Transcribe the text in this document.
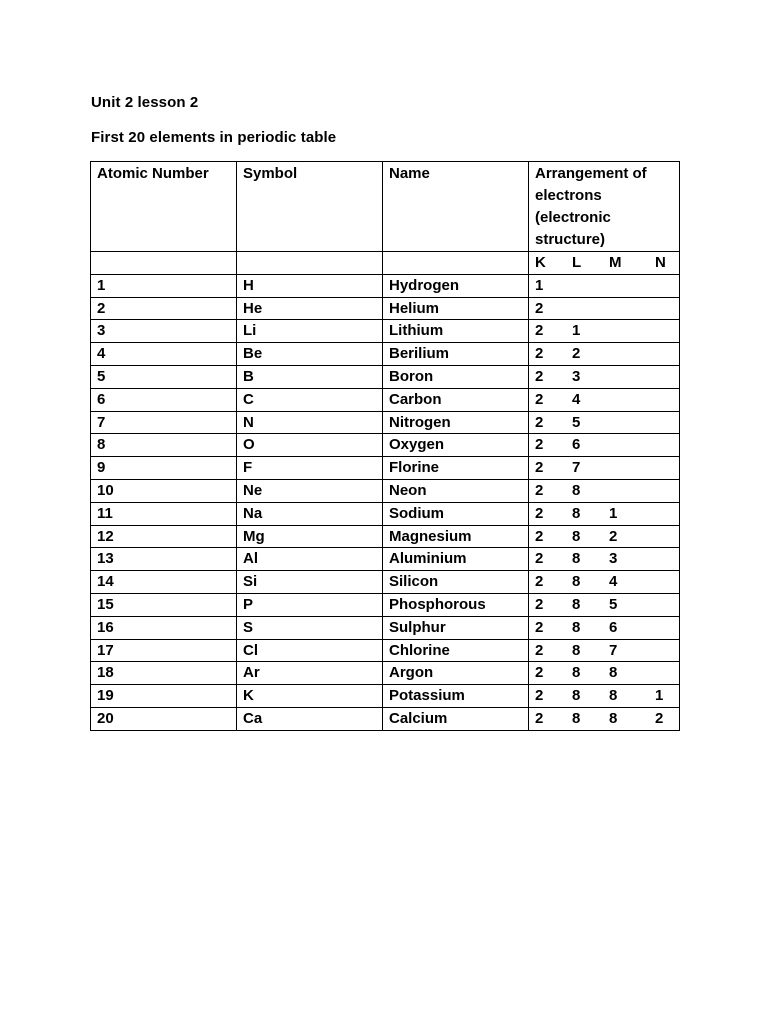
Unit 2 lesson 2
First 20 elements in periodic table
Atomic Number	Symbol	Name	Arrangement of electrons (electronic structure)

			K L M N

1	H	Hydrogen	1

2	He	Helium	2

3	Li	Lithium	2 1

4	Be	Berilium	2 2

5	B	Boron	2 3

6	C	Carbon	2 4

7	N	Nitrogen	2 5

8	O	Oxygen	2 6

9	F	Florine	2 7

10	Ne	Neon	2 8

11	Na	Sodium	2 8 1

12	Mg	Magnesium	2 8 2

13	Al	Aluminium	2 8 3

14	Si	Silicon	2 8 4

15	P	Phosphorous	2 8 5

16	S	Sulphur	2 8 6

17	Cl	Chlorine	2 8 7

18	Ar	Argon	2 8 8

19	K	Potassium	2 8 8 1

20	Ca	Calcium	2 8 8 2
